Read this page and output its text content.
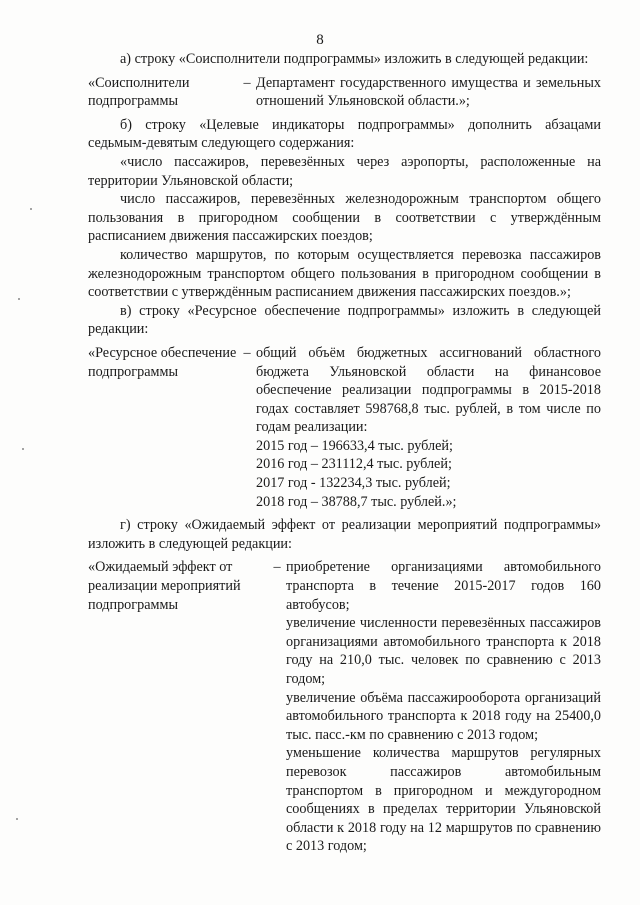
8

а) строку «Соисполнители подпрограммы» изложить в следующей редакции:

«Соисполнители подпрограммы
– Департамент государственного имущества и земельных отношений Ульяновской области.»;

б) строку «Целевые индикаторы подпрограммы» дополнить абзацами седьмым-девятым следующего содержания:

«число пассажиров, перевезённых через аэропорты, расположенные на территории Ульяновской области;

число пассажиров, перевезённых железнодорожным транспортом общего пользования в пригородном сообщении в соответствии с утверждённым расписанием движения пассажирских поездов;

количество маршрутов, по которым осуществляется перевозка пассажиров железнодорожным транспортом общего пользования в пригородном сообщении в соответствии с утверждённым расписанием движения пассажирских поездов.»;

в) строку «Ресурсное обеспечение подпрограммы» изложить в следующей редакции:

«Ресурсное обеспечение подпрограммы
– общий объём бюджетных ассигнований областного бюджета Ульяновской области на финансовое обеспечение реализации подпрограммы в 2015-2018 годах составляет 598768,8 тыс. рублей, в том числе по годам реализации:
2015 год – 196633,4 тыс. рублей;
2016 год – 231112,4 тыс. рублей;
2017 год - 132234,3 тыс. рублей;
2018 год – 38788,7 тыс. рублей.»;

г) строку «Ожидаемый эффект от реализации мероприятий подпрограммы» изложить в следующей редакции:

«Ожидаемый эффект от реализации мероприятий подпрограммы
– приобретение организациями автомобильного транспорта в течение 2015-2017 годов 160 автобусов;
увеличение численности перевезённых пассажиров организациями автомобильного транспорта к 2018 году на 210,0 тыс. человек по сравнению с 2013 годом;
увеличение объёма пассажирооборота организаций автомобильного транспорта к 2018 году на 25400,0 тыс. пасс.-км по сравнению с 2013 годом;
уменьшение количества маршрутов регулярных перевозок пассажиров автомобильным транспортом в пригородном и междугородном сообщениях в пределах территории Ульяновской области к 2018 году на 12 маршрутов по сравнению с 2013 годом;
